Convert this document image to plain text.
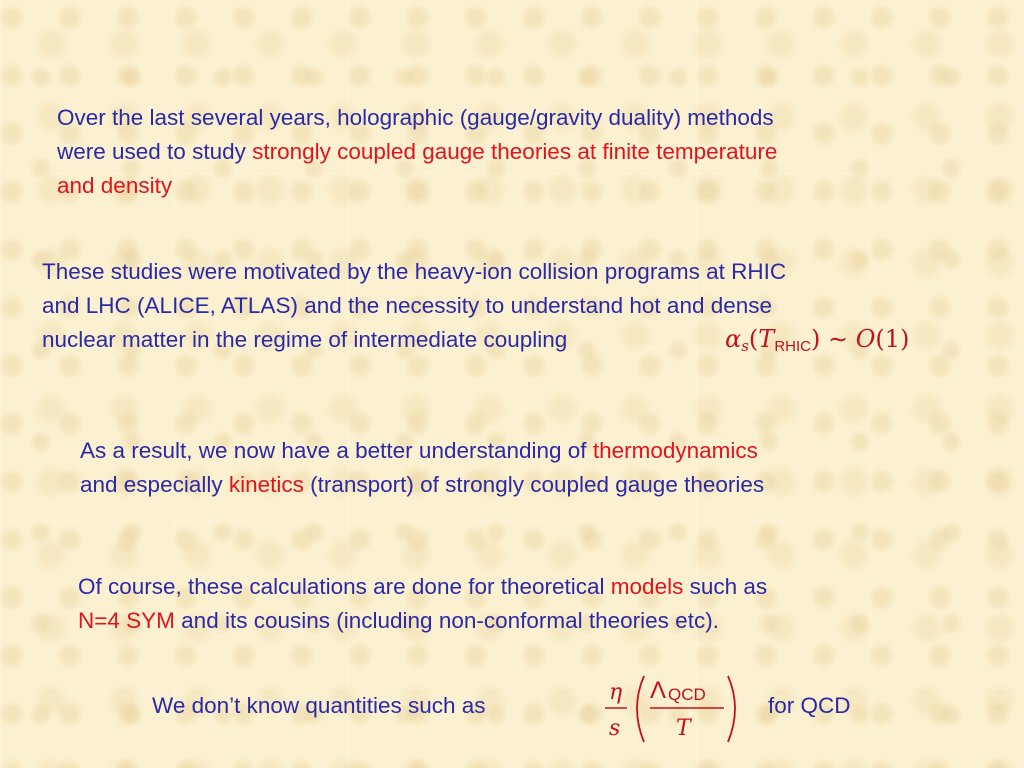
Over the last several years, holographic (gauge/gravity duality) methods
were used to study strongly coupled gauge theories at finite temperature
and density

These studies were motivated by the heavy-ion collision programs at RHIC
and LHC (ALICE, ATLAS) and the necessity to understand hot and dense
nuclear matter in the regime of intermediate coupling	$\alpha_s(T_{RHIC})$ ∼ O(1)

As a result, we now have a better understanding of thermodynamics
and especially kinetics (transport) of strongly coupled gauge theories

Of course, these calculations are done for theoretical models such as
N=4 SYM and its cousins (including non-conformal theories etc).

We don’t know quantities such as

η
s
Λ QCD
T

for QCD
